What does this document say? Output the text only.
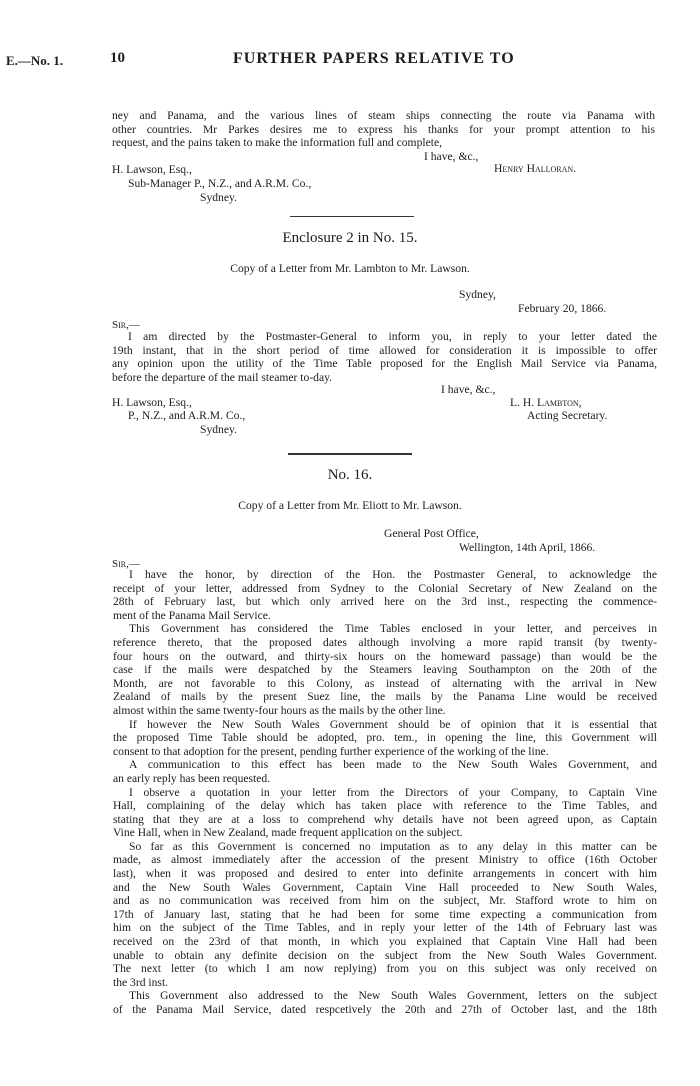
E.—No. 1.	10	FURTHER PAPERS RELATIVE TO
ney and Panama, and the various lines of steam ships connecting the route via Panama with
other countries. Mr Parkes desires me to express his thanks for your prompt attention to his
request, and the pains taken to make the information full and complete,
I have, &c.,
Henry Halloran.
H. Lawson, Esq.,
Sub-Manager P., N.Z., and A.R.M. Co.,
Sydney.
Enclosure 2 in No. 15.
Copy of a Letter from Mr. Lambton to Mr. Lawson.
Sydney,
February 20, 1866.
Sir,—
I am directed by the Postmaster-General to inform you, in reply to your letter dated the
19th instant, that in the short period of time allowed for consideration it is impossible to offer
any opinion upon the utility of the Time Table proposed for the English Mail Service via Panama,
before the departure of the mail steamer to-day.
I have, &c.,
L. H. Lambton,
Acting Secretary.
H. Lawson, Esq.,
P., N.Z., and A.R.M. Co.,
Sydney.
No. 16.
Copy of a Letter from Mr. Eliott to Mr. Lawson.
General Post Office,
Wellington, 14th April, 1866.
Sir,—
I have the honor, by direction of the Hon. the Postmaster General, to acknowledge the
receipt of your letter, addressed from Sydney to the Colonial Secretary of New Zealand on the
28th of February last, but which only arrived here on the 3rd inst., respecting the commence-
ment of the Panama Mail Service.
This Government has considered the Time Tables enclosed in your letter, and perceives in
reference thereto, that the proposed dates although involving a more rapid transit (by twenty-
four hours on the outward, and thirty-six hours on the homeward passage) than would be the
case if the mails were despatched by the Steamers leaving Southampton on the 20th of the
Month, are not favorable to this Colony, as instead of alternating with the arrival in New
Zealand of mails by the present Suez line, the mails by the Panama Line would be received
almost within the same twenty-four hours as the mails by the other line.
If however the New South Wales Government should be of opinion that it is essential that
the proposed Time Table should be adopted, pro. tem., in opening the line, this Government will
consent to that adoption for the present, pending further experience of the working of the line.
A communication to this effect has been made to the New South Wales Government, and
an early reply has been requested.
I observe a quotation in your letter from the Directors of your Company, to Captain Vine
Hall, complaining of the delay which has taken place with reference to the Time Tables, and
stating that they are at a loss to comprehend why details have not been agreed upon, as Captain
Vine Hall, when in New Zealand, made frequent application on the subject.
So far as this Government is concerned no imputation as to any delay in this matter can be
made, as almost immediately after the accession of the present Ministry to office (16th October
last), when it was proposed and desired to enter into definite arrangements in concert with him
and the New South Wales Government, Captain Vine Hall proceeded to New South Wales,
and as no communication was received from him on the subject, Mr. Stafford wrote to him on
17th of January last, stating that he had been for some time expecting a communication from
him on the subject of the Time Tables, and in reply your letter of the 14th of February last was
received on the 23rd of that month, in which you explained that Captain Vine Hall had been
unable to obtain any definite decision on the subject from the New South Wales Government.
The next letter (to which I am now replying) from you on this subject was only received on
the 3rd inst.
This Government also addressed to the New South Wales Government, letters on the subject
of the Panama Mail Service, dated respcetively the 20th and 27th of October last, and the 18th
